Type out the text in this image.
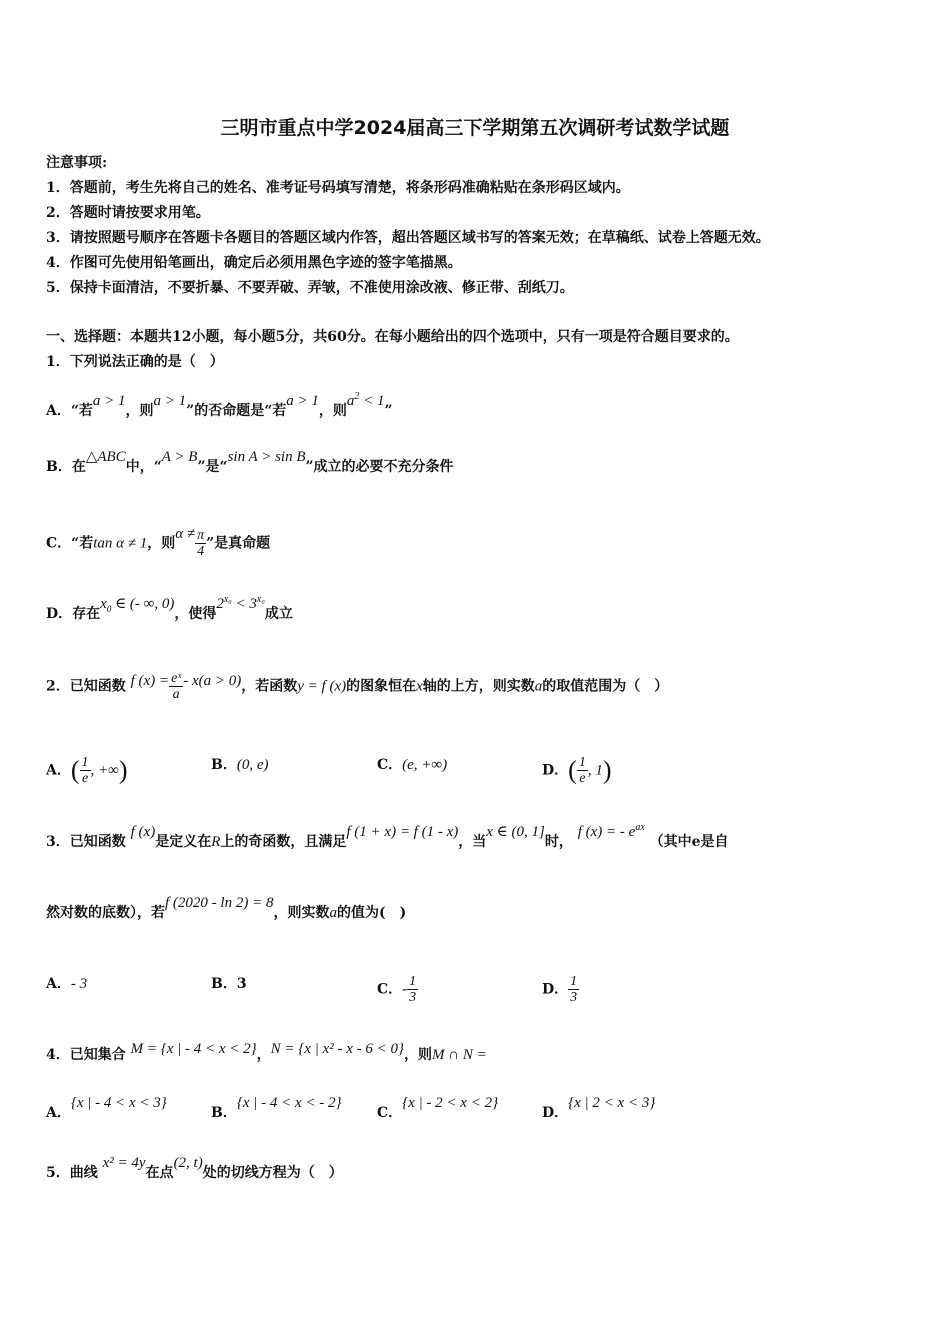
三明市重点中学2024届高三下学期第五次调研考试数学试题
注意事项:
1．答题前，考生先将自己的姓名、准考证号码填写清楚，将条形码准确粘贴在条形码区域内。
2．答题时请按要求用笔。
3．请按照题号顺序在答题卡各题目的答题区域内作答，超出答题区域书写的答案无效；在草稿纸、试卷上答题无效。
4．作图可先使用铅笔画出，确定后必须用黑色字迹的签字笔描黑。
5．保持卡面清洁，不要折暴、不要弄破、弄皱，不准使用涂改液、修正带、刮纸刀。
一、选择题：本题共12小题，每小题5分，共60分。在每小题给出的四个选项中，只有一项是符合题目要求的。
1．下列说法正确的是（　）
A．“若a > 1，则a > 1”的否命题是“若a > 1，则$a^2 < 1$”
B．在△ABC中，“A > B”是“sin A > sin B”成立的必要不充分条件
C．“若tan α ≠ 1，则$\alpha \ne \frac{\pi}{4}$ ”是真命题
D．存在$x_0$ ∈ (- ∞, 0)，使得$2^{x_0} < 3^{x_0}$成立
2．已知函数 f $(x) = \frac{\text{eˣ}}{a} - x(a > 0)$，若函数y = f (x)的图象恒在x轴的上方，则实数a的取值范围为（　）
A．( $\frac{1}{e}$ , +∞)	B．(0, e)	C．(e, +∞)	D．( $\frac{1}{e}$ , 1)
3．已知函数 f (x)是定义在R上的奇函数，且满足f (1 + x) = f (1 - x)，当x ∈ (0, 1]时， f (x) = - $e^{ax}$ （其中e是自
然对数的底数），若f (2020 - ln 2) = 8，则实数a的值为(　)
A．- 3	B．3	C．- $\frac{1}{3}$	D． $\frac{1}{3}$
4．已知集合 M = {x | - 4 < x < 2}，N = {x | x² - x - 6 < 0}，则M ∩ N =
A．{x | - 4 < x < 3}
B．{x | - 4 < x < - 2}
C．{x | - 2 < x < 2}
D．{x | 2 < x < 3}
5．曲线 x² = 4y在点(2, t)处的切线方程为（　）
